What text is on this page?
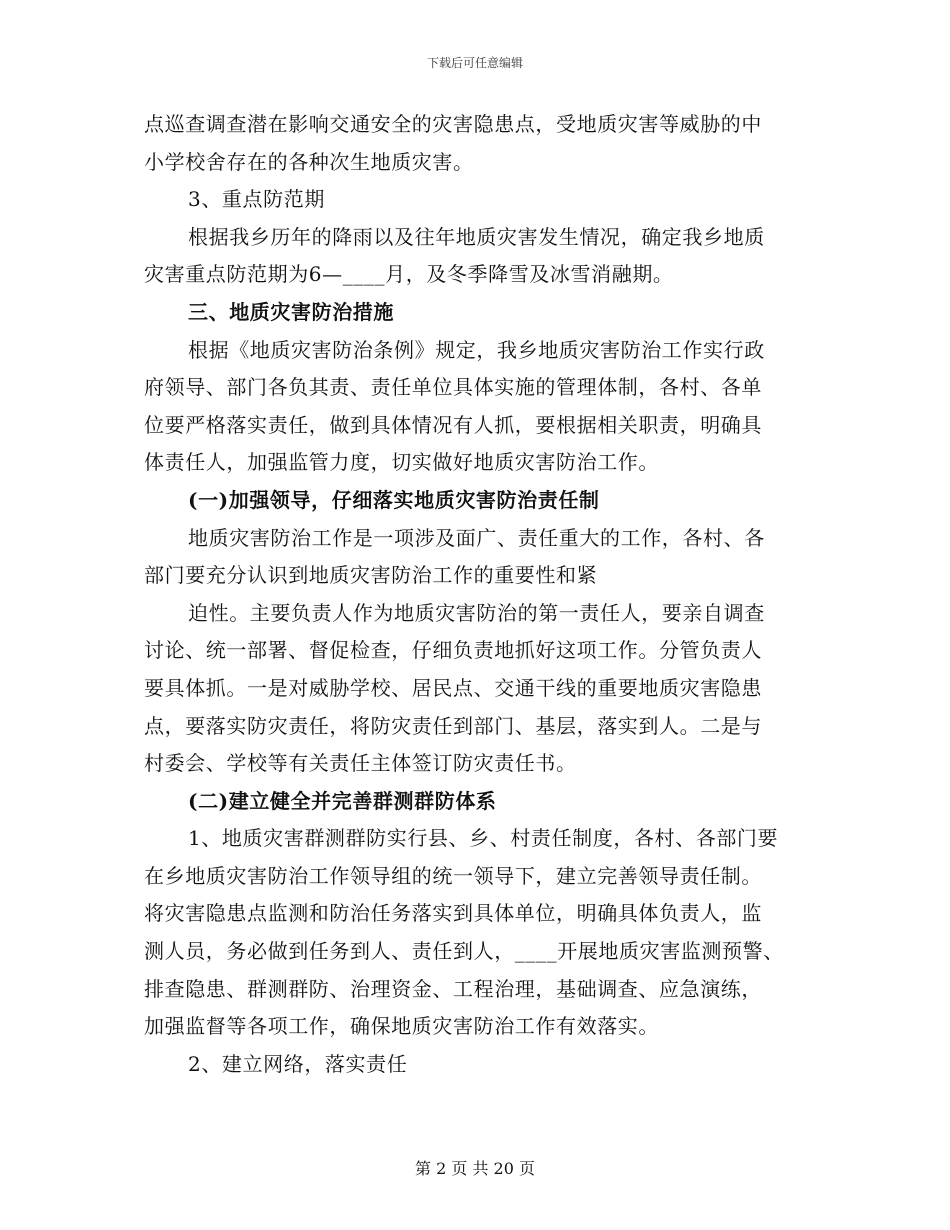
下载后可任意编辑
点巡查调查潜在影响交通安全的灾害隐患点，受地质灾害等威胁的中
小学校舍存在的各种次生地质灾害。
3、重点防范期
根据我乡历年的降雨以及往年地质灾害发生情况，确定我乡地质
灾害重点防范期为6—____月，及冬季降雪及冰雪消融期。
三、地质灾害防治措施
根据《地质灾害防治条例》规定，我乡地质灾害防治工作实行政
府领导、部门各负其责、责任单位具体实施的管理体制，各村、各单
位要严格落实责任，做到具体情况有人抓，要根据相关职责，明确具
体责任人，加强监管力度，切实做好地质灾害防治工作。
(一)加强领导，仔细落实地质灾害防治责任制
地质灾害防治工作是一项涉及面广、责任重大的工作，各村、各
部门要充分认识到地质灾害防治工作的重要性和紧
迫性。主要负责人作为地质灾害防治的第一责任人，要亲自调查
讨论、统一部署、督促检查，仔细负责地抓好这项工作。分管负责人
要具体抓。一是对威胁学校、居民点、交通干线的重要地质灾害隐患
点，要落实防灾责任，将防灾责任到部门、基层，落实到人。二是与
村委会、学校等有关责任主体签订防灾责任书。
(二)建立健全并完善群测群防体系
1、地质灾害群测群防实行县、乡、村责任制度，各村、各部门要
在乡地质灾害防治工作领导组的统一领导下，建立完善领导责任制。
将灾害隐患点监测和防治任务落实到具体单位，明确具体负责人，监
测人员，务必做到任务到人、责任到人，____开展地质灾害监测预警、
排查隐患、群测群防、治理资金、工程治理，基础调查、应急演练，
加强监督等各项工作，确保地质灾害防治工作有效落实。
2、建立网络，落实责任
第 2 页 共 20 页
